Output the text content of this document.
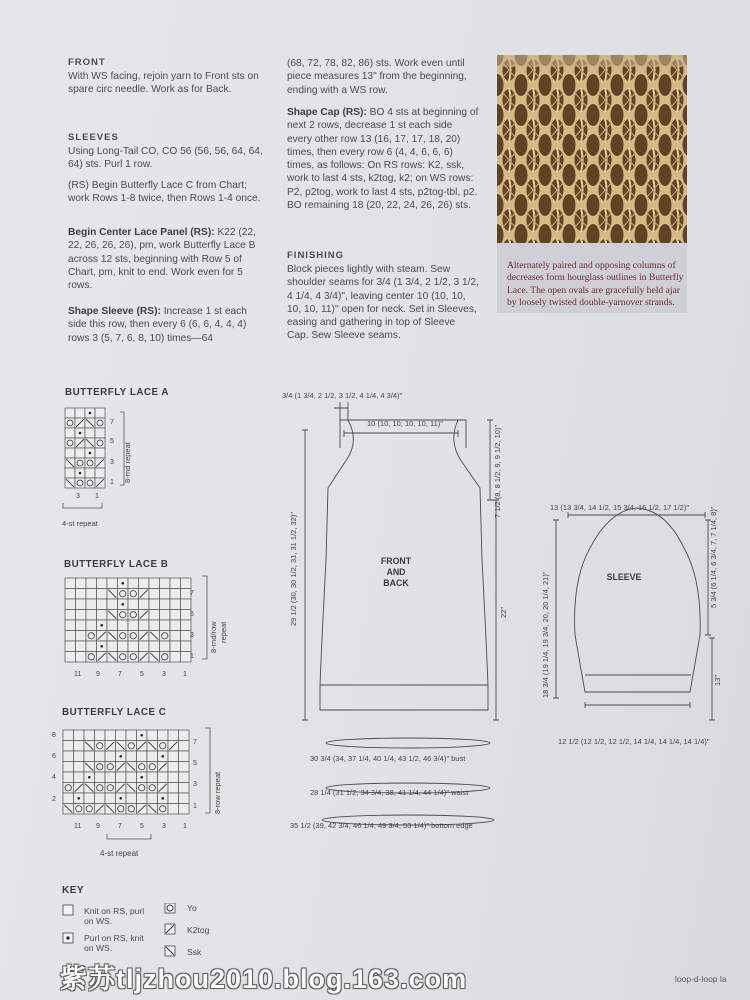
FRONT
With WS facing, rejoin yarn to Front sts on spare circ needle. Work as for Back.
SLEEVES
Using Long-Tail CO, CO 56 (56, 56, 64, 64, 64) sts. Purl 1 row.
(RS) Begin Butterfly Lace C from Chart; work Rows 1-8 twice, then Rows 1-4 once.
Begin Center Lace Panel (RS): K22 (22, 22, 26, 26, 26), pm, work Butterfly Lace B across 12 sts, beginning with Row 5 of Chart, pm, knit to end. Work even for 5 rows.
Shape Sleeve (RS): Increase 1 st each side this row, then every 6 (6, 6, 4, 4, 4) rows 3 (5, 7, 6, 8, 10) times—64
(68, 72, 78, 82, 86) sts. Work even until piece measures 13" from the beginning, ending with a WS row.
Shape Cap (RS): BO 4 sts at beginning of next 2 rows, decrease 1 st each side every other row 13 (16, 17, 17, 18, 20) times, then every row 6 (4, 4, 6, 6, 6) times, as follows: On RS rows: K2, ssk, work to last 4 sts, k2tog, k2; on WS rows: P2, p2tog, work to last 4 sts, p2tog-tbl, p2. BO remaining 18 (20, 22, 24, 26, 26) sts.
FINISHING
Block pieces lightly with steam. Sew shoulder seams for 3/4 (1 3/4, 2 1/2, 3 1/2, 4 1/4, 4 3/4)", leaving center 10 (10, 10, 10, 10, 11)" open for neck. Set in Sleeves, easing and gathering in top of Sleeve Cap. Sew Sleeve seams.
Alternately paired and opposing columns of decreases form hourglass outlines in Butterfly Lace. The open ovals are gracefully held ajar by loosely twisted double-yarnover strands.
BUTTERFLY LACE A
7
5
3
1
3 1
8-rnd repeat
4-st repeat
BUTTERFLY LACE B
7
5
3
1
11 9	7	5	3 1
8-rnd/row repeat
BUTTERFLY LACE C
8
6
4
2
7
5
3
1
11 9	7	5	3 1
8-row repeat
4-st repeat
KEY
Knit on RS, purl on WS.
Purl on RS, knit on WS.
Yo
K2tog
Ssk
3/4 (1 3/4, 2 1/2, 3 1/2, 4 1/4, 4 3/4)"
10 (10, 10, 10, 10, 11)"
7 1/2 (8, 8 1/2, 9, 9 1/2, 10)"
29 1/2 (30, 30 1/2, 31, 31 1/2, 32)"	22"
30 3/4 (34, 37 1/4, 40 1/4, 43 1/2, 46 3/4)" bust
28 1/4 (31 1/2, 34 3/4, 38, 41 1/4, 44 1/4)" waist
35 1/2 (39, 42 3/4, 46 1/4, 49 3/4, 53 1/4)" bottom edge
13 (13 3/4, 14 1/2, 15 3/4, 16 1/2, 17 1/2)"	5 3/4 (6 1/4, 6 3/4, 7, 7 1/4, 8)"
18 3/4 (19 1/4, 19 3/4, 20, 20 1/4, 21)"	13"
12 1/2 (12 1/2, 12 1/2, 14 1/4, 14 1/4, 14 1/4)"
FRONT
AND
BACK
SLEEVE
紫苏tljzhou2010.blog.163.com	loop-d-loop la
